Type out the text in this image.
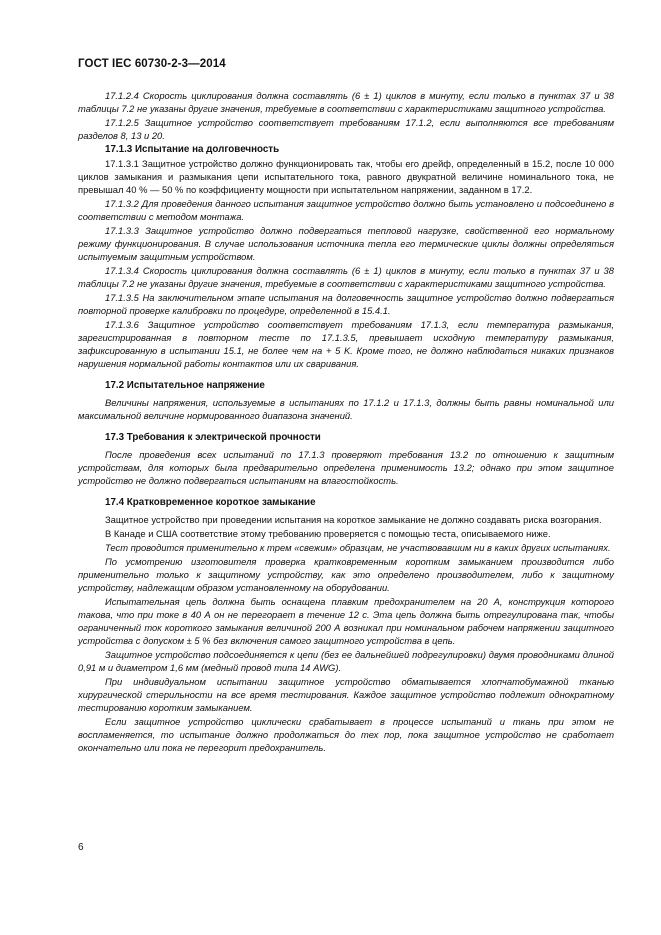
ГОСТ IEC 60730-2-3—2014
17.1.2.4 Скорость циклирования должна составлять (6 ± 1) циклов в минуту, если только в пунктах 37 и 38 таблицы 7.2 не указаны другие значения, требуемые в соответствии с характеристиками защитного устройства.
17.1.2.5 Защитное устройство соответствует требованиям 17.1.2, если выполняются все требованиям разделов 8, 13 и 20.
17.1.3 Испытание на долговечность
17.1.3.1 Защитное устройство должно функционировать так, чтобы его дрейф, определенный в 15.2, после 10 000 циклов замыкания и размыкания цепи испытательного тока, равного двукратной величине номинального тока, не превышал 40 % — 50 % по коэффициенту мощности при испытательном напряжении, заданном в 17.2.
17.1.3.2 Для проведения данного испытания защитное устройство должно быть установлено и подсоединено в соответствии с методом монтажа.
17.1.3.3 Защитное устройство должно подвергаться тепловой нагрузке, свойственной его нормальному режиму функционирования. В случае использования источника тепла его термические циклы должны определяться испытуемым защитным устройством.
17.1.3.4 Скорость циклирования должна составлять (6 ± 1) циклов в минуту, если только в пунктах 37 и 38 таблицы 7.2 не указаны другие значения, требуемые в соответствии с характеристиками защитного устройства.
17.1.3.5 На заключительном этапе испытания на долговечность защитное устройство должно подвергаться повторной проверке калибровки по процедуре, определенной в 15.4.1.
17.1.3.6 Защитное устройство соответствует требованиям 17.1.3, если температура размыкания, зарегистрированная в повторном тесте по 17.1.3.5, превышает исходную температуру размыкания, зафиксированную в испытании 15.1, не более чем на + 5 K. Кроме того, не должно наблюдаться никаких признаков нарушения нормальной работы контактов или их сваривания.
17.2 Испытательное напряжение
Величины напряжения, используемые в испытаниях по 17.1.2 и 17.1.3, должны быть равны номинальной или максимальной величине нормированного диапазона значений.
17.3 Требования к электрической прочности
После проведения всех испытаний по 17.1.3 проверяют требования 13.2 по отношению к защитным устройствам, для которых была предварительно определена применимость 13.2; однако при этом защитное устройство не должно подвергаться испытаниям на влагостойкость.
17.4 Кратковременное короткое замыкание
Защитное устройство при проведении испытания на короткое замыкание не должно создавать риска возгорания.
В Канаде и США соответствие этому требованию проверяется с помощью теста, описываемого ниже.
Тест проводится применительно к трем «свежим» образцам, не участвовавшим ни в каких других испытаниях.
По усмотрению изготовителя проверка кратковременным коротким замыканием производится либо применительно только к защитному устройству, как это определено производителем, либо к защитному устройству, надлежащим образом установленному на оборудовании.
Испытательная цепь должна быть оснащена плавким предохранителем на 20 А, конструкция которого такова, что при токе в 40 А он не перегорает в течение 12 с. Эта цепь должна быть отрегулирована так, чтобы ограниченный ток короткого замыкания величиной 200 А возникал при номинальном рабочем напряжении защитного устройства с допуском ± 5 % без включения самого защитного устройства в цепь.
Защитное устройство подсоединяется к цепи (без ее дальнейшей подрегулировки) двумя проводниками длиной 0,91 м и диаметром 1,6 мм (медный провод типа 14 AWG).
При индивидуальном испытании защитное устройство обматывается хлопчатобумажной тканью хирургической стерильности на все время тестирования. Каждое защитное устройство подлежит однократному тестированию коротким замыканием.
Если защитное устройство циклически срабатывает в процессе испытаний и ткань при этом не воспламеняется, то испытание должно продолжаться до тех пор, пока защитное устройство не сработает окончательно или пока не перегорит предохранитель.
6
